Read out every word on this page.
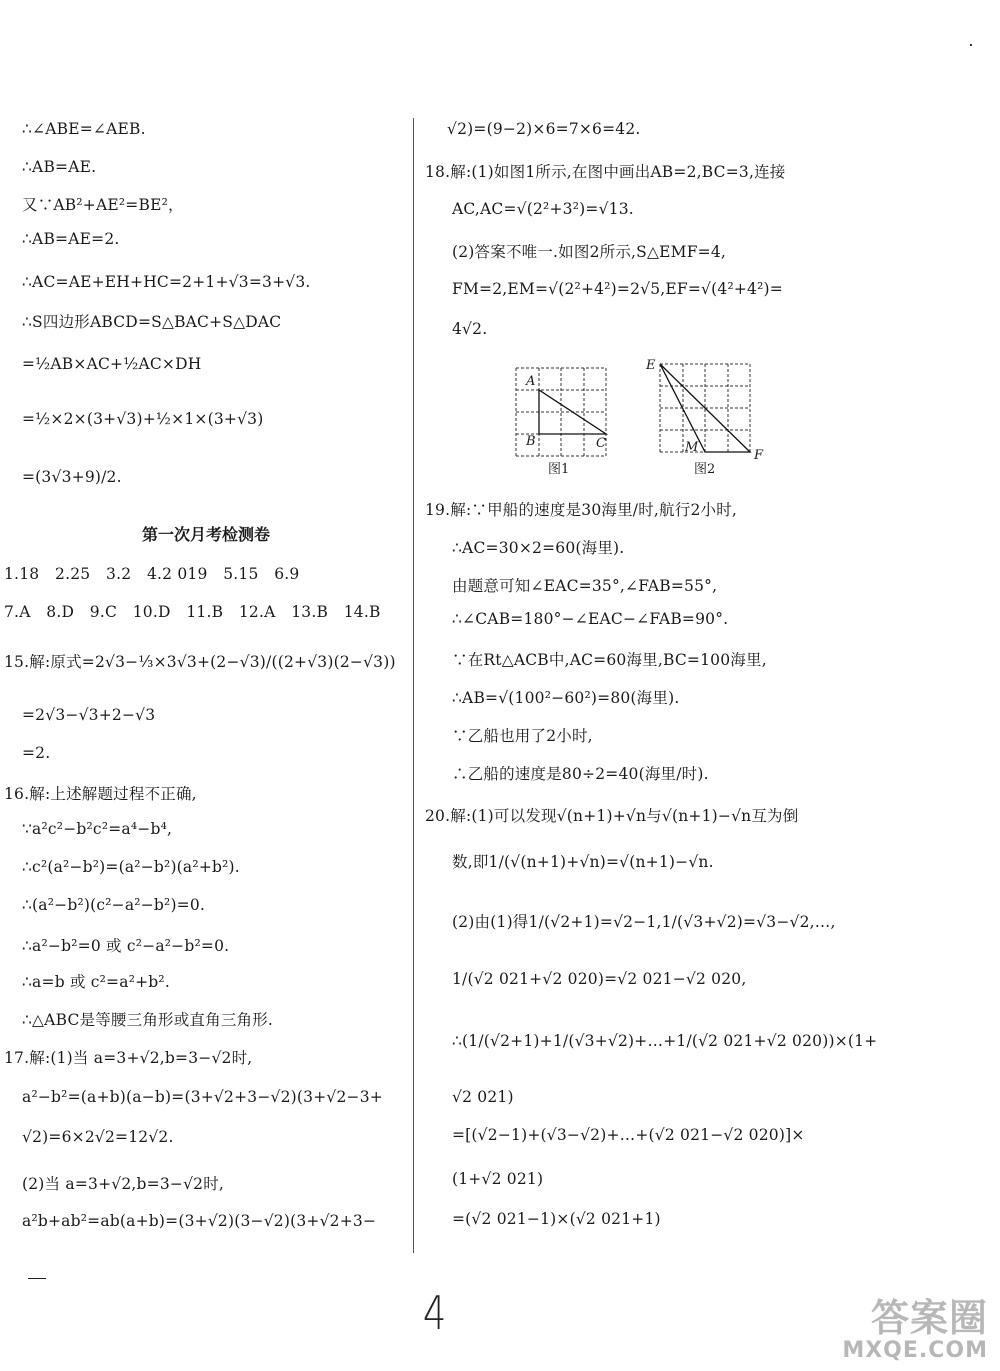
∴∠ABE=∠AEB.
∴AB=AE.
又∵AB²+AE²=BE²，
∴AB=AE=2.
∴AC=AE+EH+HC=2+1+√3=3+√3.
∴S四边形ABCD=S△BAC+S△DAC
=½AB×AC+½AC×DH
=½×2×(3+√3)+½×1×(3+√3)
=(3√3+9)/2.
第一次月考检测卷
1.18　2.25　3.2　4.2 019　5.15　6.9
7.A　8.D　9.C　10.D　11.B　12.A　13.B　14.B
15.解:原式=2√3−⅓×3√3+(2−√3)/((2+√3)(2−√3))
=2√3−√3+2−√3
=2.
16.解:上述解题过程不正确,
∵a²c²−b²c²=a⁴−b⁴,
∴c²(a²−b²)=(a²−b²)(a²+b²).
∴(a²−b²)(c²−a²−b²)=0.
∴a²−b²=0 或 c²−a²−b²=0.
∴a=b 或 c²=a²+b².
∴△ABC是等腰三角形或直角三角形.
17.解:(1)当 a=3+√2,b=3−√2时,
a²−b²=(a+b)(a−b)=(3+√2+3−√2)(3+√2−3+
√2)=6×2√2=12√2.
(2)当 a=3+√2,b=3−√2时,
a²b+ab²=ab(a+b)=(3+√2)(3−√2)(3+√2+3−
√2)=(9−2)×6=7×6=42.
18.解:(1)如图1所示,在图中画出AB=2,BC=3,连接
AC,AC=√(2²+3²)=√13.
(2)答案不唯一.如图2所示,S△EMF=4,
FM=2,EM=√(2²+4²)=2√5,EF=√(4²+4²)=
4√2.
A
B	C
图1
E
M
F
图2
19.解:∵甲船的速度是30海里/时,航行2小时,
∴AC=30×2=60(海里).
由题意可知∠EAC=35°,∠FAB=55°,
∴∠CAB=180°−∠EAC−∠FAB=90°.
∵在Rt△ACB中,AC=60海里,BC=100海里,
∴AB=√(100²−60²)=80(海里).
∵乙船也用了2小时,
∴乙船的速度是80÷2=40(海里/时).
20.解:(1)可以发现√(n+1)+√n与√(n+1)−√n互为倒
数,即1/(√(n+1)+√n)=√(n+1)−√n.
(2)由(1)得1/(√2+1)=√2−1,1/(√3+√2)=√3−√2,…,
1/(√2 021+√2 020)=√2 021−√2 020,
∴(1/(√2+1)+1/(√3+√2)+…+1/(√2 021+√2 020))×(1+
√2 021)
=[(√2−1)+(√3−√2)+…+(√2 021−√2 020)]×
(1+√2 021)
=(√2 021−1)×(√2 021+1)
4	答案圈
MXQE.COM
